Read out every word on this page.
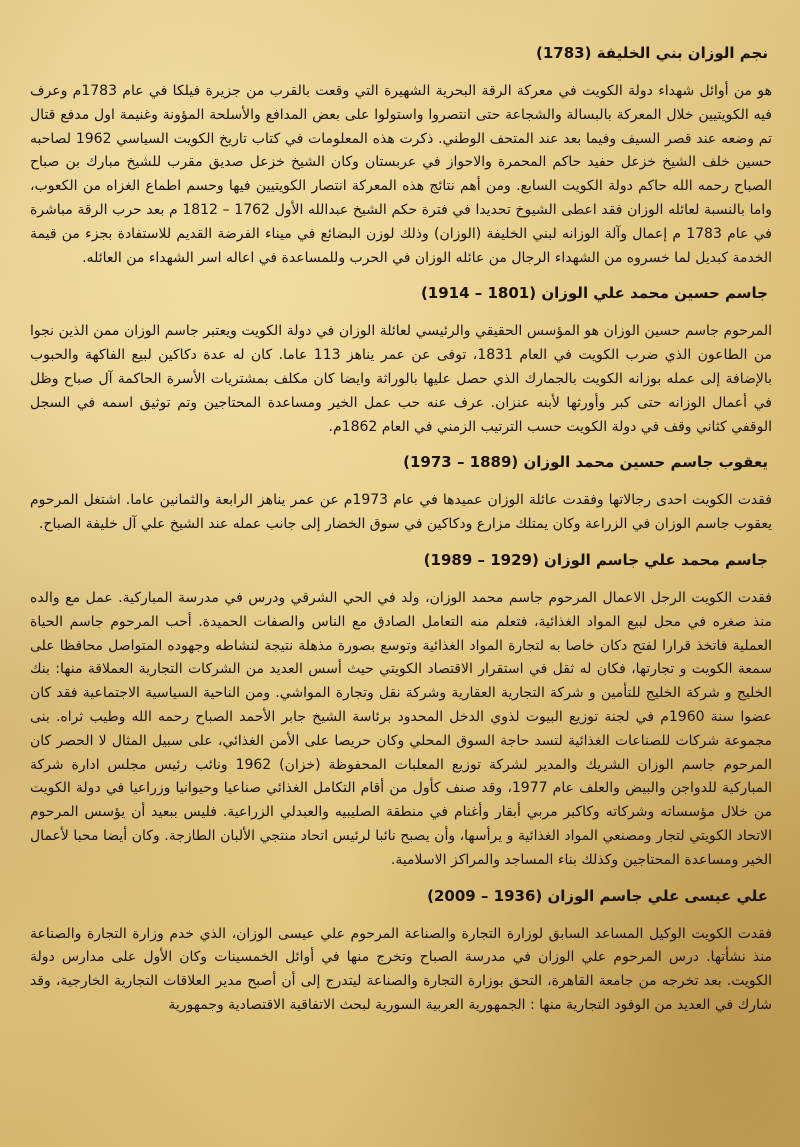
نجم الوزان بني الخليفة (1783)

هو من أوائل شهداء دولة الكويت في معركة الرقة البحرية الشهيرة التي وقعت بالقرب من جزيرة فيلكا في عام 1783م وعرف فيه الكويتيين خلال المعركة بالبسالة والشجاعة حتى انتصروا واستولوا على بعض المدافع والأسلحة المؤونة وغنيمة اول مدفع قتال تم وضعه عند قصر السيف وفيما بعد عند المتحف الوطني. ذكرت هذه المعلومات في كتاب تاريخ الكويت السياسي 1962 لصاحبه حسين خلف الشيخ خزعل حفيد حاكم المحمرة والاحواز في عربستان وكان الشيخ خزعل صديق مقرب للشيخ مبارك بن صباح الصباح رحمه الله حاكم دولة الكويت السابع. ومن أهم نتائج هذه المعركة انتصار الكويتيين فيها وحسم اطماع الغزاه من الكعوب، واما بالنسبة لعائله الوزان فقد اعطى الشيوخ تحديدا في فترة حكم الشيخ عبدالله الأول 1762 – 1812 م بعد حرب الرقة مباشرة في عام 1783 م إعمال وآلة الوزانه لبني الخليفة (الوزان) وذلك لوزن البضائع في ميناء الفرضة القديم للاستفادة بجزء من قيمة الخدمة كبديل لما خسروه من الشهداء الرجال من عائله الوزان في الحرب وللمساعدة في اعاله اسر الشهداء من العائله.

جاسم حسين محمد علي الوزان (1801 – 1914)

المرحوم جاسم حسين الوزان هو المؤسس الحقيقي والرئيسي لعائلة الوزان في دولة الكويت ويعتبر جاسم الوزان ممن الذين نجوا من الطاعون الذي ضرب الكويت في العام 1831، توفى عن عمر يناهز 113 عاما. كان له عدة دكاكين لبيع الفاكهة والحبوب بالإضافة إلى عمله بوزانه الكويت بالجمارك الذي حصل عليها بالوراثة وايضا كان مكلف بمشتريات الأسرة الحاكمة آل صباح وظل في أعمال الوزانه حتى كبر وأورثها لأبنه عنزان. عرف عنه حب عمل الخير ومساعدة المحتاجين وتم توثيق اسمه في السجل الوقفي كثاني وقف في دولة الكويت حسب الترتيب الزمني في العام 1862م.

يعقوب جاسم حسين محمد الوزان (1889 – 1973)

فقدت الكويت احدى رجالاتها وفقدت عائلة الوزان عميدها في عام 1973م عن عمر يناهز الرابعة والثمانين عاما. اشتغل المرحوم يعقوب جاسم الوزان في الزراعة وكان يمتلك مزارع ودكاكين في سوق الخضار إلى جانب عمله عند الشيخ علي آل خليفة الصباح.

جاسم محمد علي جاسم الوزان (1929 – 1989)

فقدت الكويت الرجل الاعمال المرحوم جاسم محمد الوزان، ولد في الحي الشرقي ودرس في مدرسة المباركية. عمل مع والده منذ صغره في محل لبيع المواد الغذائية، فتعلم منه التعامل الصادق مع الناس والصفات الحميدة. أحب المرحوم جاسم الحياة العملية فاتخذ قرارا لفتح دكان خاصا به لتجارة المواد الغذائية وتوسع بصورة مذهلة نتيجة لنشاطه وجهوده المتواصل محافظا على سمعة الكويت و تجارتها، فكان له ثقل في استقرار الاقتصاد الكويتي حيث أسس العديد من الشركات التجارية العملاقة منها: بنك الخليج و شركة الخليج للتأمين و شركة التجارية العقارية وشركة نقل وتجارة المواشي. ومن الناحية السياسية الاجتماعية فقد كان عضوا سنة 1960م في لجنة توزيع البيوت لذوي الدخل المحدود برئاسة الشيخ جابر الأحمد الصباح رحمه الله وطيب ثراه. بنى مجموعة شركات للصناعات الغذائية لتسد حاجة السوق المحلي وكان حريصا على الأمن الغذائي، على سبيل المثال لا الحصر كان المرحوم جاسم الوزان الشريك والمدير لشركة توزيع المعلبات المحفوظة (خزان) 1962 ونائب رئيس مجلس ادارة شركة المباركية للدواجن والبيض والعلف عام 1977، وقد صنف كأول من أقام التكامل الغذائي صناعيا وحيوانيا وزراعيا في دولة الكويت من خلال مؤسساته وشركاته وكاكبر مربي أبقار وأغنام في منطقة الصليبيه والعبدلي الزراعية. فليس ببعيد أن يؤسس المرحوم الاتحاد الكويتي لتجار ومصنعي المواد الغذائية و يرأسها، وأن يصبح نائبا لرئيس اتحاد منتجي الألبان الطازجة. وكان أيضا محبا لأعمال الخير ومساعدة المحتاجين وكذلك بناء المساجد والمراكز الاسلامية.

علي عيسى علي جاسم الوزان (1936 – 2009)

فقدت الكويت الوكيل المساعد السابق لوزارة التجارة والصناعة المرحوم علي عيسى الوزان، الذي خدم وزارة التجارة والصناعة منذ نشأتها. درس المرحوم علي الوزان في مدرسة الصباح وتخرج منها في أوائل الخمسينات وكان الأول على مدارس دولة الكويت. بعد تخرجه من جامعة القاهرة، التحق بوزارة التجارة والصناعة ليتدرج إلى أن أصبح مدير العلاقات التجارية الخارجية، وقد شارك في العديد من الوفود التجارية منها : الجمهورية العربية السورية لبحث الاتفاقية الاقتصادية وجمهورية
